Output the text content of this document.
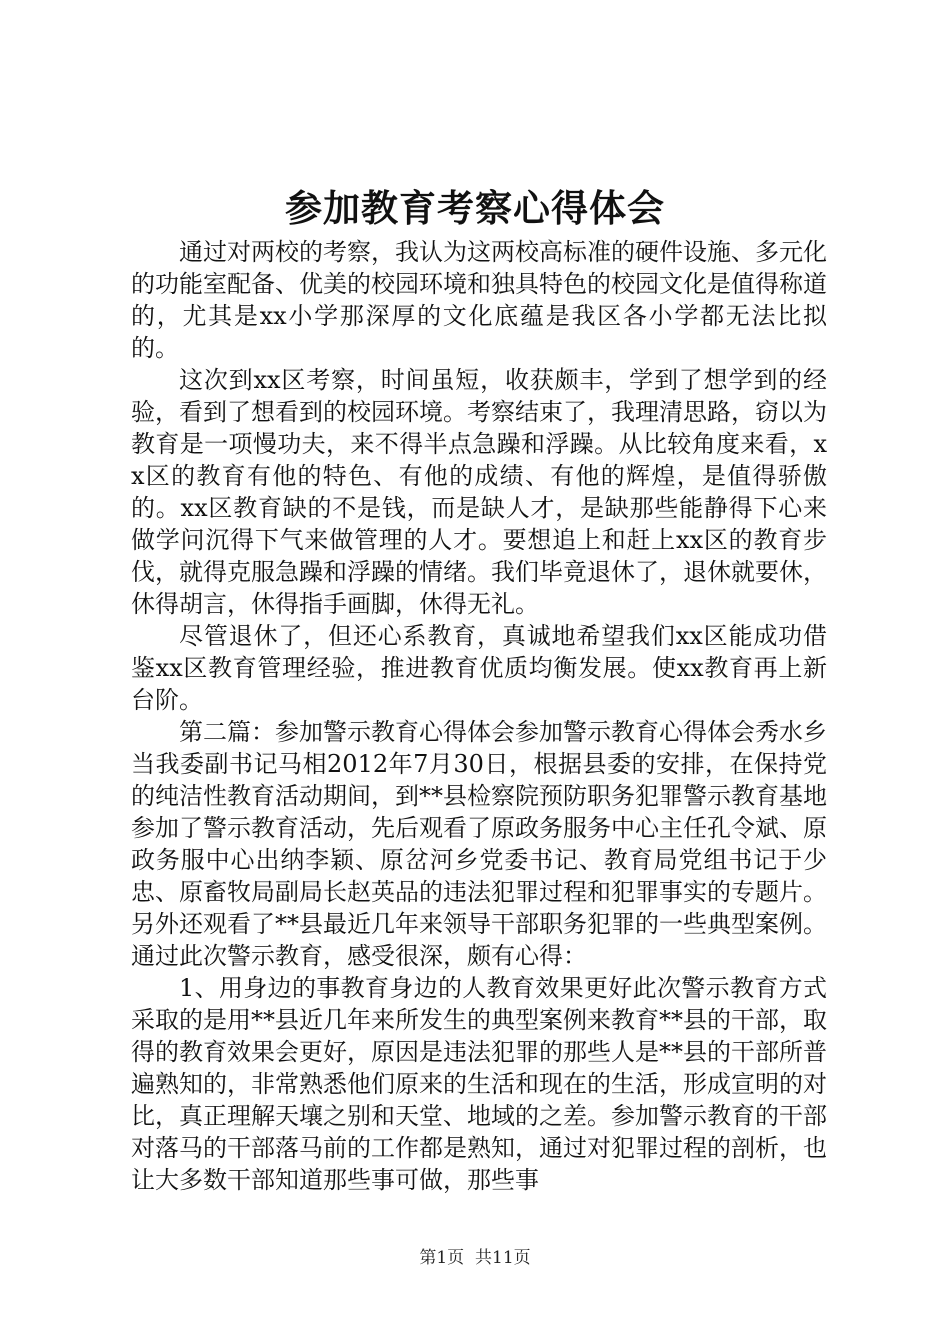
参加教育考察心得体会

通过对两校的考察，我认为这两校高标准的硬件设施、多元化的功能室配备、优美的校园环境和独具特色的校园文化是值得称道的，尤其是xx小学那深厚的文化底蕴是我区各小学都无法比拟的。

这次到xx区考察，时间虽短，收获颇丰，学到了想学到的经验，看到了想看到的校园环境。考察结束了，我理清思路，窃以为教育是一项慢功夫，来不得半点急躁和浮躁。从比较角度来看，xx区的教育有他的特色、有他的成绩、有他的辉煌，是值得骄傲的。xx区教育缺的不是钱，而是缺人才，是缺那些能静得下心来做学问沉得下气来做管理的人才。要想追上和赶上xx区的教育步伐，就得克服急躁和浮躁的情绪。我们毕竟退休了，退休就要休，休得胡言，休得指手画脚，休得无礼。

尽管退休了，但还心系教育，真诚地希望我们xx区能成功借鉴xx区教育管理经验，推进教育优质均衡发展。使xx教育再上新台阶。

第二篇：参加警示教育心得体会参加警示教育心得体会秀水乡当我委副书记马相2012年7月30日，根据县委的安排，在保持党的纯洁性教育活动期间，到**县检察院预防职务犯罪警示教育基地参加了警示教育活动，先后观看了原政务服务中心主任孔令斌、原政务服中心出纳李颖、原岔河乡党委书记、教育局党组书记于少忠、原畜牧局副局长赵英品的违法犯罪过程和犯罪事实的专题片。另外还观看了**县最近几年来领导干部职务犯罪的一些典型案例。通过此次警示教育，感受很深，颇有心得：

1、用身边的事教育身边的人教育效果更好此次警示教育方式采取的是用**县近几年来所发生的典型案例来教育**县的干部，取得的教育效果会更好，原因是违法犯罪的那些人是**县的干部所普遍熟知的，非常熟悉他们原来的生活和现在的生活，形成宣明的对比，真正理解天壤之别和天堂、地域的之差。参加警示教育的干部对落马的干部落马前的工作都是熟知，通过对犯罪过程的剖析，也让大多数干部知道那些事可做，那些事

第1页 共11页
